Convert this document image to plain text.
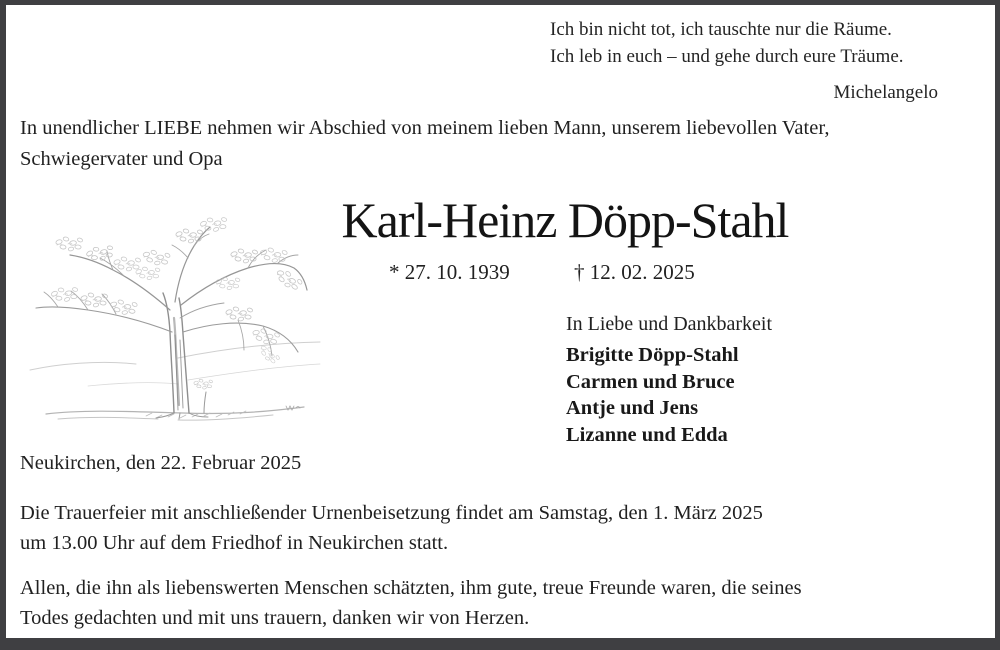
Ich bin nicht tot, ich tauschte nur die Räume.
Ich leb in euch – und gehe durch eure Träume.
Michelangelo
In unendlicher LIEBE nehmen wir Abschied von meinem lieben Mann, unserem liebevollen Vater,
Schwiegervater und Opa
Karl-Heinz Döpp-Stahl
* 27. 10. 1939	† 12. 02. 2025
In Liebe und Dankbarkeit
Brigitte Döpp-Stahl
Carmen und Bruce
Antje und Jens
Lizanne und Edda
Neukirchen, den 22. Februar 2025
Die Trauerfeier mit anschließender Urnenbeisetzung findet am Samstag, den 1. März 2025
um 13.00 Uhr auf dem Friedhof in Neukirchen statt.
Allen, die ihn als liebenswerten Menschen schätzten, ihm gute, treue Freunde waren, die seines
Todes gedachten und mit uns trauern, danken wir von Herzen.
